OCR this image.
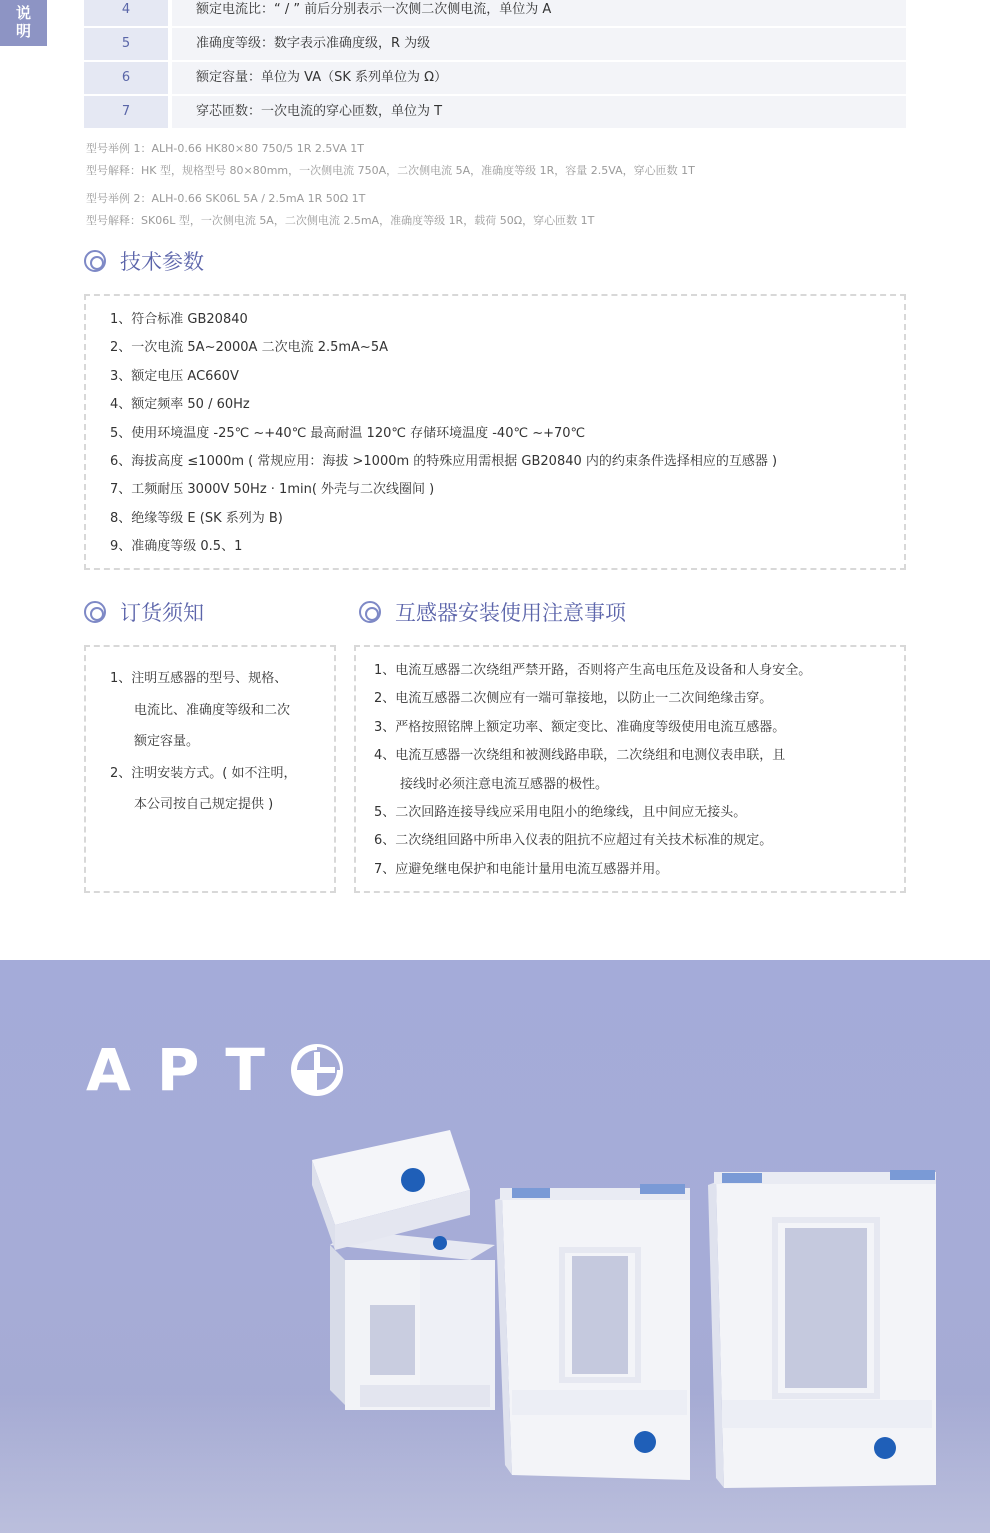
说
明
4	额定电流比：“ / ” 前后分别表示一次侧二次侧电流，单位为 A
5	准确度等级：数字表示准确度级，R 为级
6	额定容量：单位为 VA（SK 系列单位为 Ω）
7	穿芯匝数：一次电流的穿心匝数，单位为 T
型号举例 1：ALH-0.66 HK80×80 750/5 1R 2.5VA 1T
型号解释：HK 型，规格型号 80×80mm，一次侧电流 750A，二次侧电流 5A，准确度等级 1R，容量 2.5VA，穿心匝数 1T
型号举例 2：ALH-0.66 SK06L 5A / 2.5mA 1R 50Ω 1T
型号解释：SK06L 型，一次侧电流 5A，二次侧电流 2.5mA，准确度等级 1R，载荷 50Ω，穿心匝数 1T
技术参数
1、符合标准 GB20840
2、一次电流 5A~2000A 二次电流 2.5mA~5A
3、额定电压 AC660V
4、额定频率 50 / 60Hz
5、使用环境温度 -25℃ ~+40℃ 最高耐温 120℃ 存储环境温度 -40℃ ~+70℃
6、海拔高度 ≤1000m ( 常规应用：海拔 >1000m 的特殊应用需根据 GB20840 内的约束条件选择相应的互感器 )
7、工频耐压 3000V 50Hz · 1min( 外壳与二次线圈间 )
8、绝缘等级 E (SK 系列为 B)
9、准确度等级 0.5、1
订货须知	互感器安装使用注意事项
1、注明互感器的型号、规格、
电流比、准确度等级和二次
额定容量。
2、注明安装方式。( 如不注明，
本公司按自己规定提供 )
1、电流互感器二次绕组严禁开路，否则将产生高电压危及设备和人身安全。
2、电流互感器二次侧应有一端可靠接地，以防止一二次间绝缘击穿。
3、严格按照铭牌上额定功率、额定变比、准确度等级使用电流互感器。
4、电流互感器一次绕组和被测线路串联，二次绕组和电测仪表串联，且
接线时必须注意电流互感器的极性。
5、二次回路连接导线应采用电阻小的绝缘线，且中间应无接头。
6、二次绕组回路中所串入仪表的阻抗不应超过有关技术标准的规定。
7、应避免继电保护和电能计量用电流互感器并用。
A P T
